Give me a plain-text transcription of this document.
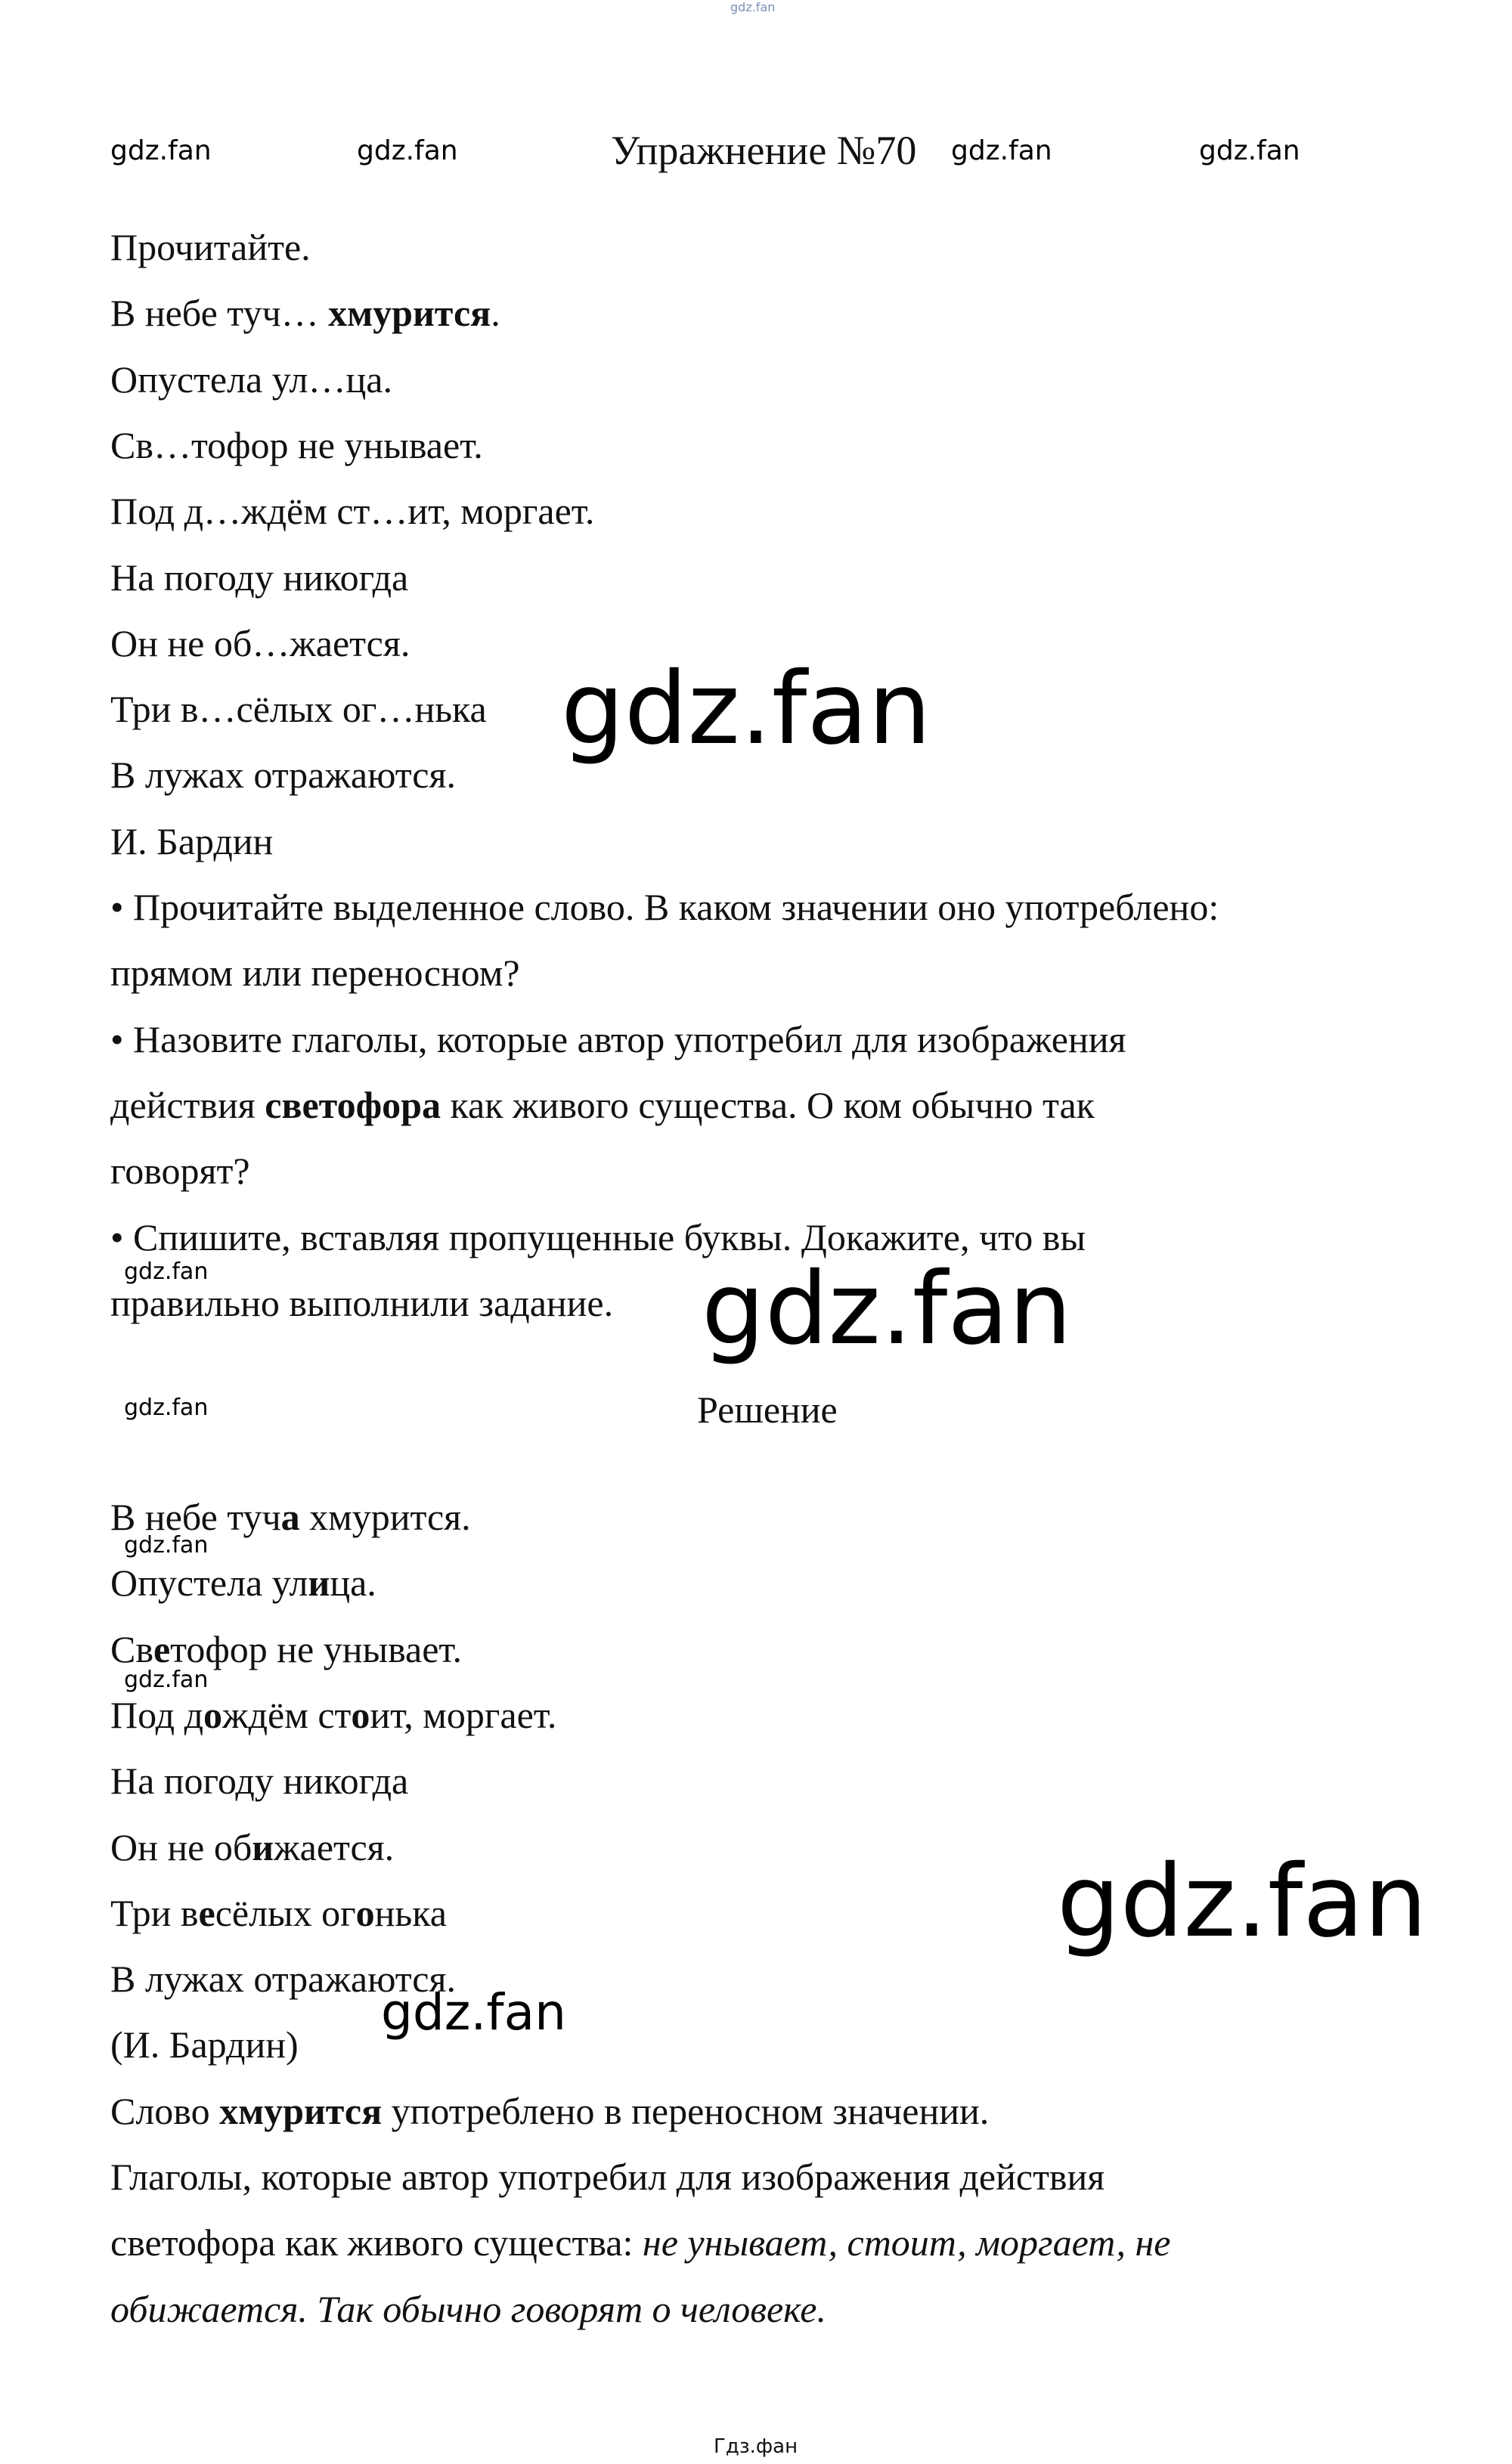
gdz.fan
gdz.fan	gdz.fan	Упражнение №70 gdz.fan	gdz.fan
Прочитайте.
В небе туч… хмурится.
Опустела ул…ца.
Св…тофор не унывает.
Под д…ждём ст…ит, моргает.
На погоду никогда
Он не об…жается.
Три в…сёлых ог…нька
В лужах отражаются.
И. Бардин
• Прочитайте выделенное слово. В каком значении оно употреблено:
прямом или переносном?
• Назовите глаголы, которые автор употребил для изображения
действия светофора как живого существа. О ком обычно так
говорят?
• Спишите, вставляя пропущенные буквы. Докажите, что вы
правильно выполнили задание.
gdz.fan	Решение
В небе туча хмурится.
Опустела улица.
Светофор не унывает.
Под дождём стоит, моргает.
На погоду никогда
Он не обижается.
Три весёлых огонька
В лужах отражаются.
(И. Бардин)
Слово хмурится употреблено в переносном значении.
Глаголы, которые автор употребил для изображения действия
светофора как живого существа: не унывает, стоит, моргает, не
обижается. Так обычно говорят о человеке.
gdz.fan
gdz.fan	gdz.fan
gdz.fan
gdz.fan
gdz.fan
gdz.fan
Гдз.фан
